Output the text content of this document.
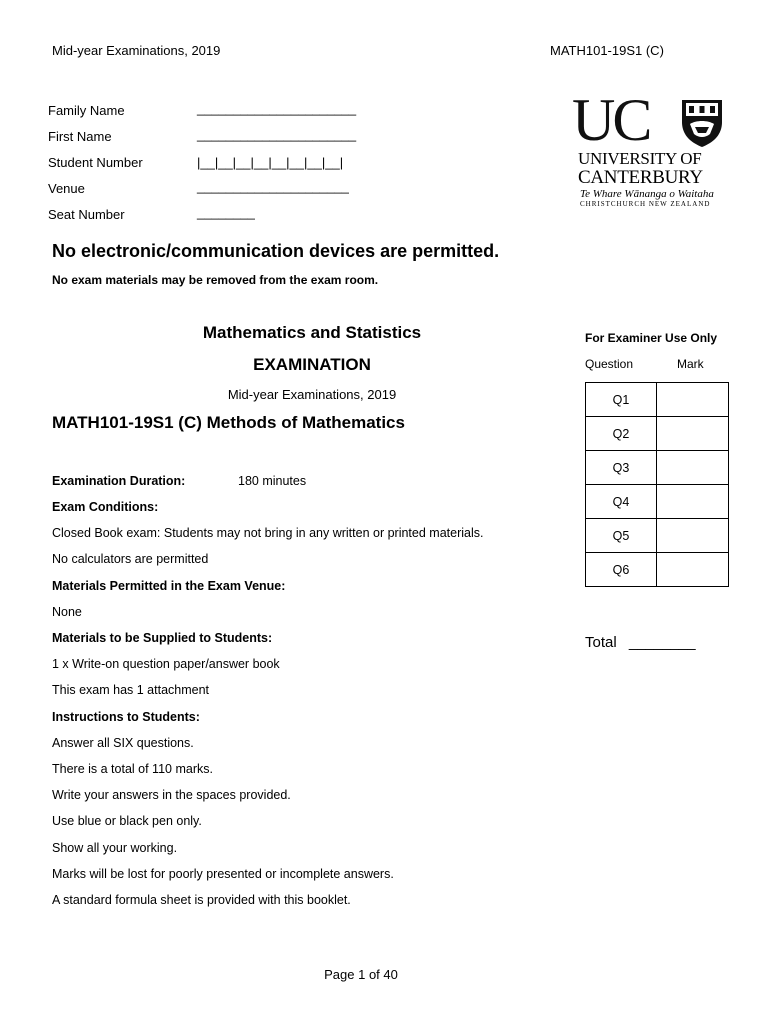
Mid-year Examinations, 2019	MATH101-19S1 (C)
Family Name	______________________
First Name	______________________
Student Number	|__|__|__|__|__|__|__|__|
Venue	_____________________
Seat Number	________
UC
UNIVERSITY OF
CANTERBURY
Te Whare Wānanga o Waitaha
CHRISTCHURCH NEW ZEALAND
No electronic/communication devices are permitted.
No exam materials may be removed from the exam room.
Mathematics and Statistics
EXAMINATION
Mid-year Examinations, 2019
MATH101-19S1 (C) Methods of Mathematics
Examination Duration:	180 minutes
Exam Conditions:
Closed Book exam: Students may not bring in any written or printed materials.
No calculators are permitted
Materials Permitted in the Exam Venue:
None
Materials to be Supplied to Students:
1 x Write-on question paper/answer book
This exam has 1 attachment
Instructions to Students:
Answer all SIX questions.
There is a total of 110 marks.
Write your answers in the spaces provided.
Use blue or black pen only.
Show all your working.
Marks will be lost for poorly presented or incomplete answers.
A standard formula sheet is provided with this booklet.
For Examiner Use Only
Question	Mark
Q1	
Q2	
Q3	
Q4	
Q5	
Q6	
Total ________
Page 1 of 40
